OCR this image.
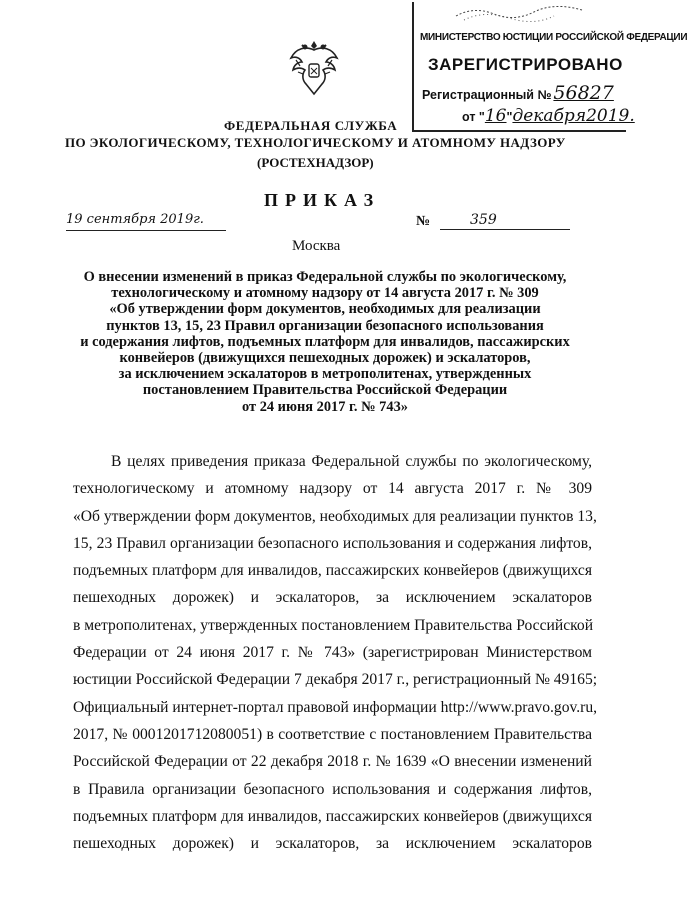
МИНИСТЕРСТВО ЮСТИЦИИ РОССИЙСКОЙ ФЕДЕРАЦИИ
ЗАРЕГИСТРИРОВАНО
Регистрационный № 56827
от "16"декабря2019.
ФЕДЕРАЛЬНАЯ СЛУЖБА
ПО ЭКОЛОГИЧЕСКОМУ, ТЕХНОЛОГИЧЕСКОМУ И АТОМНОМУ НАДЗОРУ
(РОСТЕХНАДЗОР)
ПРИКАЗ
19 сентября 2019г.	№	359
Москва
О внесении изменений в приказ Федеральной службы по экологическому,
технологическому и атомному надзору от 14 августа 2017 г. № 309
«Об утверждении форм документов, необходимых для реализации
пунктов 13, 15, 23 Правил организации безопасного использования
и содержания лифтов, подъемных платформ для инвалидов, пассажирских
конвейеров (движущихся пешеходных дорожек) и эскалаторов,
за исключением эскалаторов в метрополитенах, утвержденных
постановлением Правительства Российской Федерации
от 24 июня 2017 г. № 743»
В целях приведения приказа Федеральной службы по экологическому,
технологическому и атомному надзору от 14 августа 2017 г. № 309
«Об утверждении форм документов, необходимых для реализации пунктов 13,
15, 23 Правил организации безопасного использования и содержания лифтов,
подъемных платформ для инвалидов, пассажирских конвейеров (движущихся
пешеходных дорожек) и эскалаторов, за исключением эскалаторов
в метрополитенах, утвержденных постановлением Правительства Российской
Федерации от 24 июня 2017 г. № 743» (зарегистрирован Министерством
юстиции Российской Федерации 7 декабря 2017 г., регистрационный № 49165;
Официальный интернет-портал правовой информации http://www.pravo.gov.ru,
2017, № 0001201712080051) в соответствие с постановлением Правительства
Российской Федерации от 22 декабря 2018 г. № 1639 «О внесении изменений
в Правила организации безопасного использования и содержания лифтов,
подъемных платформ для инвалидов, пассажирских конвейеров (движущихся
пешеходных дорожек) и эскалаторов, за исключением эскалаторов
